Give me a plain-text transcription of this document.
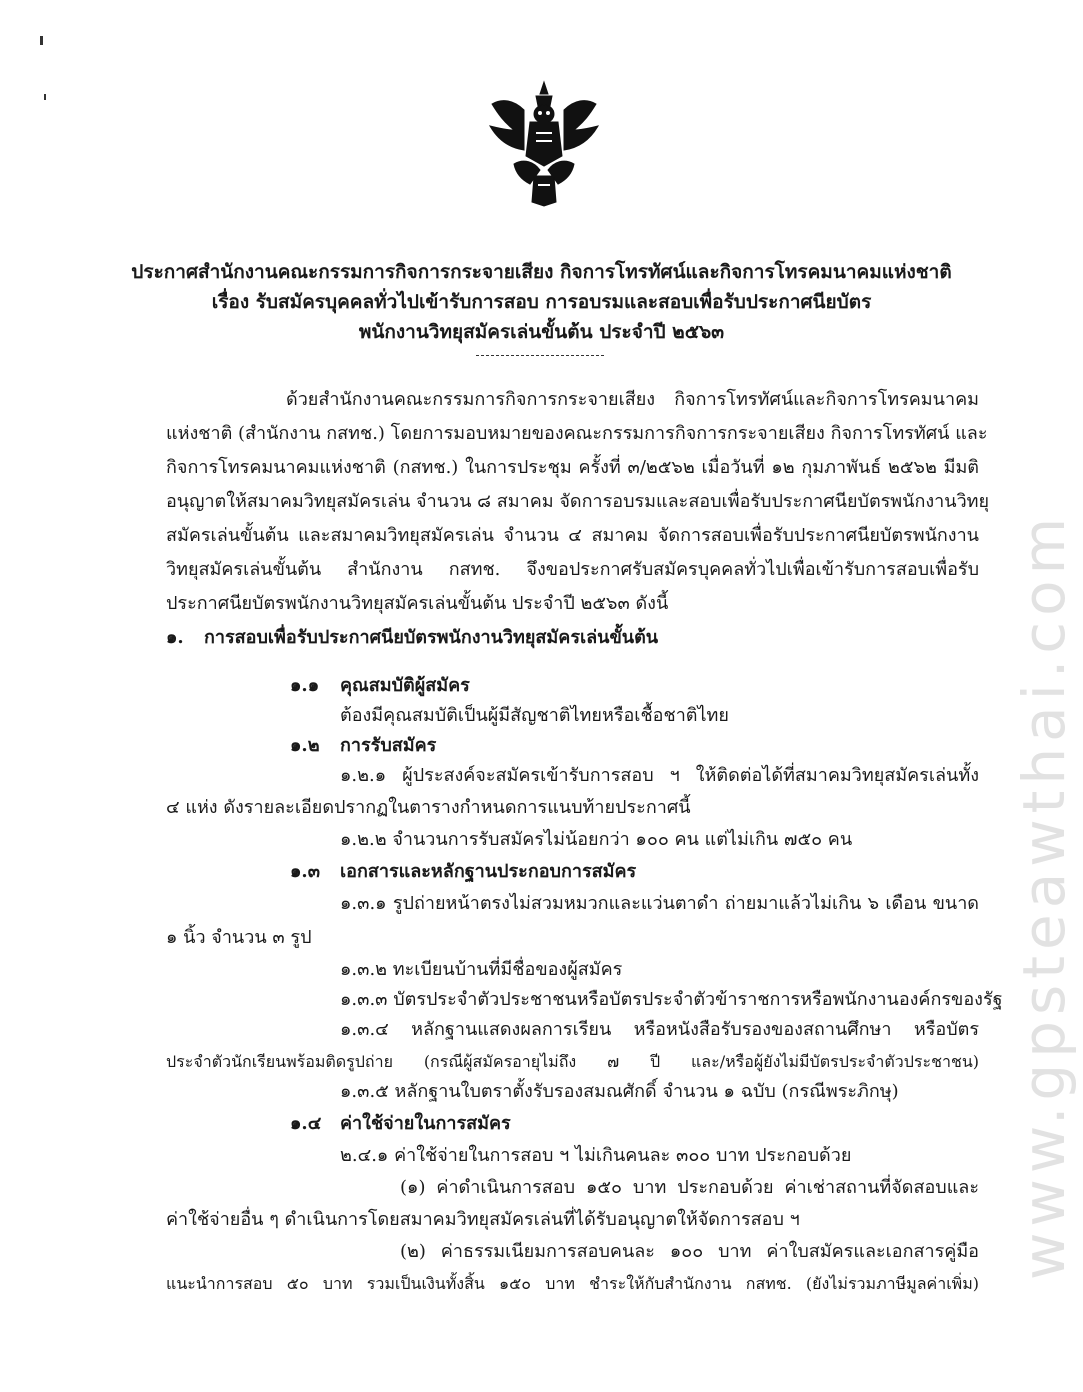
www.gpsteawthai.com
ประกาศสำนักงานคณะกรรมการกิจการกระจายเสียง กิจการโทรทัศน์และกิจการโทรคมนาคมแห่งชาติ
เรื่อง รับสมัครบุคคลทั่วไปเข้ารับการสอบ การอบรมและสอบเพื่อรับประกาศนียบัตร
พนักงานวิทยุสมัครเล่นขั้นต้น ประจำปี ๒๕๖๓
ด้วยสำนักงานคณะกรรมการกิจการกระจายเสียง กิจการโทรทัศน์และกิจการโทรคมนาคม
แห่งชาติ (สำนักงาน กสทช.) โดยการมอบหมายของคณะกรรมการกิจการกระจายเสียง กิจการโทรทัศน์ และ
กิจการโทรคมนาคมแห่งชาติ (กสทช.) ในการประชุม ครั้งที่ ๓/๒๕๖๒ เมื่อวันที่ ๑๒ กุมภาพันธ์ ๒๕๖๒ มีมติ
อนุญาตให้สมาคมวิทยุสมัครเล่น จำนวน ๘ สมาคม จัดการอบรมและสอบเพื่อรับประกาศนียบัตรพนักงานวิทยุ
สมัครเล่นขั้นต้น และสมาคมวิทยุสมัครเล่น จำนวน ๔ สมาคม จัดการสอบเพื่อรับประกาศนียบัตรพนักงาน
วิทยุสมัครเล่นขั้นต้น สำนักงาน กสทช. จึงขอประกาศรับสมัครบุคคลทั่วไปเพื่อเข้ารับการสอบเพื่อรับ
ประกาศนียบัตรพนักงานวิทยุสมัครเล่นขั้นต้น ประจำปี ๒๕๖๓ ดังนี้
๑. การสอบเพื่อรับประกาศนียบัตรพนักงานวิทยุสมัครเล่นขั้นต้น
๑.๑ คุณสมบัติผู้สมัคร
ต้องมีคุณสมบัติเป็นผู้มีสัญชาติไทยหรือเชื้อชาติไทย
๑.๒ การรับสมัคร
๑.๒.๑ ผู้ประสงค์จะสมัครเข้ารับการสอบ ฯ ให้ติดต่อได้ที่สมาคมวิทยุสมัครเล่นทั้ง
๔ แห่ง ดังรายละเอียดปรากฏในตารางกำหนดการแนบท้ายประกาศนี้
๑.๒.๒ จำนวนการรับสมัครไม่น้อยกว่า ๑๐๐ คน แต่ไม่เกิน ๗๕๐ คน
๑.๓ เอกสารและหลักฐานประกอบการสมัคร
๑.๓.๑ รูปถ่ายหน้าตรงไม่สวมหมวกและแว่นตาดำ ถ่ายมาแล้วไม่เกิน ๖ เดือน ขนาด
๑ นิ้ว จำนวน ๓ รูป
๑.๓.๒ ทะเบียนบ้านที่มีชื่อของผู้สมัคร
๑.๓.๓ บัตรประจำตัวประชาชนหรือบัตรประจำตัวข้าราชการหรือพนักงานองค์กรของรัฐ
๑.๓.๔ หลักฐานแสดงผลการเรียน หรือหนังสือรับรองของสถานศึกษา หรือบัตร
ประจำตัวนักเรียนพร้อมติดรูปถ่าย (กรณีผู้สมัครอายุไม่ถึง ๗ ปี และ/หรือผู้ยังไม่มีบัตรประจำตัวประชาชน)
๑.๓.๕ หลักฐานใบตราตั้งรับรองสมณศักดิ์ จำนวน ๑ ฉบับ (กรณีพระภิกษุ)
๑.๔ ค่าใช้จ่ายในการสมัคร
๒.๔.๑ ค่าใช้จ่ายในการสอบ ฯ ไม่เกินคนละ ๓๐๐ บาท ประกอบด้วย
(๑) ค่าดำเนินการสอบ ๑๕๐ บาท ประกอบด้วย ค่าเช่าสถานที่จัดสอบและ
ค่าใช้จ่ายอื่น ๆ ดำเนินการโดยสมาคมวิทยุสมัครเล่นที่ได้รับอนุญาตให้จัดการสอบ ฯ
(๒) ค่าธรรมเนียมการสอบคนละ ๑๐๐ บาท ค่าใบสมัครและเอกสารคู่มือ
แนะนำการสอบ ๕๐ บาท รวมเป็นเงินทั้งสิ้น ๑๕๐ บาท ชำระให้กับสำนักงาน กสทช. (ยังไม่รวมภาษีมูลค่าเพิ่ม)
